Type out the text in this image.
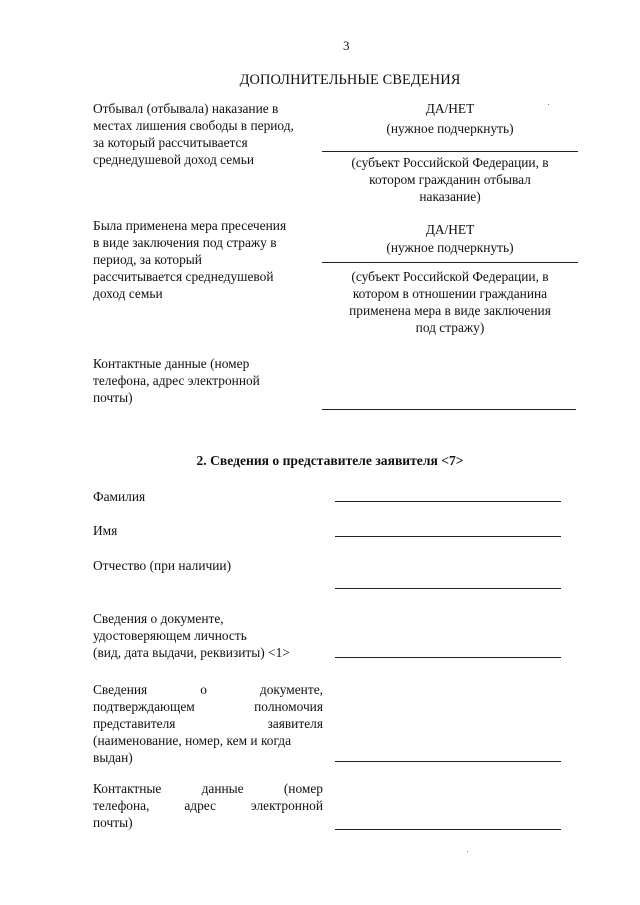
3
ДОПОЛНИТЕЛЬНЫЕ СВЕДЕНИЯ
Отбывал (отбывала) наказание в
местах лишения свободы в период,
за который рассчитывается
среднедушевой доход семьи
ДА/НЕТ
(нужное подчеркнуть)
(субъект Российской Федерации, в
котором гражданин отбывал
наказание)
Была применена мера пресечения
в виде заключения под стражу в
период, за который
рассчитывается среднедушевой
доход семьи
ДА/НЕТ
(нужное подчеркнуть)
(субъект Российской Федерации, в
котором в отношении гражданина
применена мера в виде заключения
под стражу)
Контактные данные (номер
телефона, адрес электронной
почты)
2. Сведения о представителе заявителя <7>
Фамилия
Имя
Отчество (при наличии)
Сведения о документе,
удостоверяющем личность
(вид, дата выдачи, реквизиты) <1>
Сведения о документе,
подтверждающем полномочия
представителя заявителя
(наименование, номер, кем и когда
выдан)
Контактные данные (номер
телефона, адрес электронной
почты)
